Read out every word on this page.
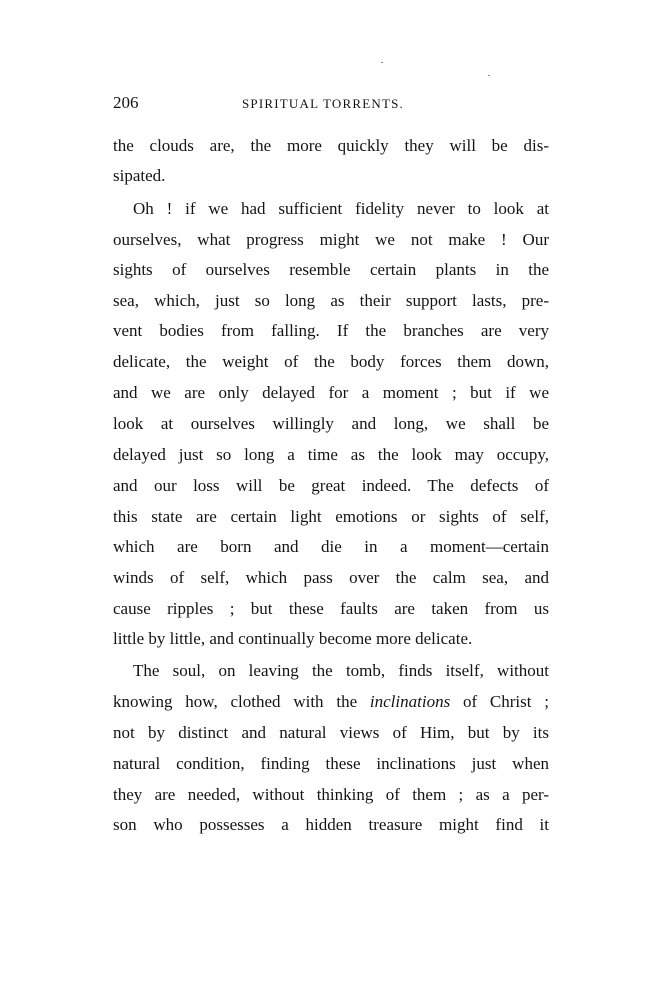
206	SPIRITUAL TORRENTS.
the clouds are, the more quickly they will be dis-
sipated.
Oh ! if we had sufficient fidelity never to look at
ourselves, what progress might we not make ! Our
sights of ourselves resemble certain plants in the
sea, which, just so long as their support lasts, pre-
vent bodies from falling. If the branches are very
delicate, the weight of the body forces them down,
and we are only delayed for a moment ; but if we
look at ourselves willingly and long, we shall be
delayed just so long a time as the look may occupy,
and our loss will be great indeed. The defects of
this state are certain light emotions or sights of self,
which are born and die in a moment—certain
winds of self, which pass over the calm sea, and
cause ripples ; but these faults are taken from us
little by little, and continually become more delicate.
The soul, on leaving the tomb, finds itself, without
knowing how, clothed with the inclinations of Christ ;
not by distinct and natural views of Him, but by its
natural condition, finding these inclinations just when
they are needed, without thinking of them ; as a per-
son who possesses a hidden treasure might find it
